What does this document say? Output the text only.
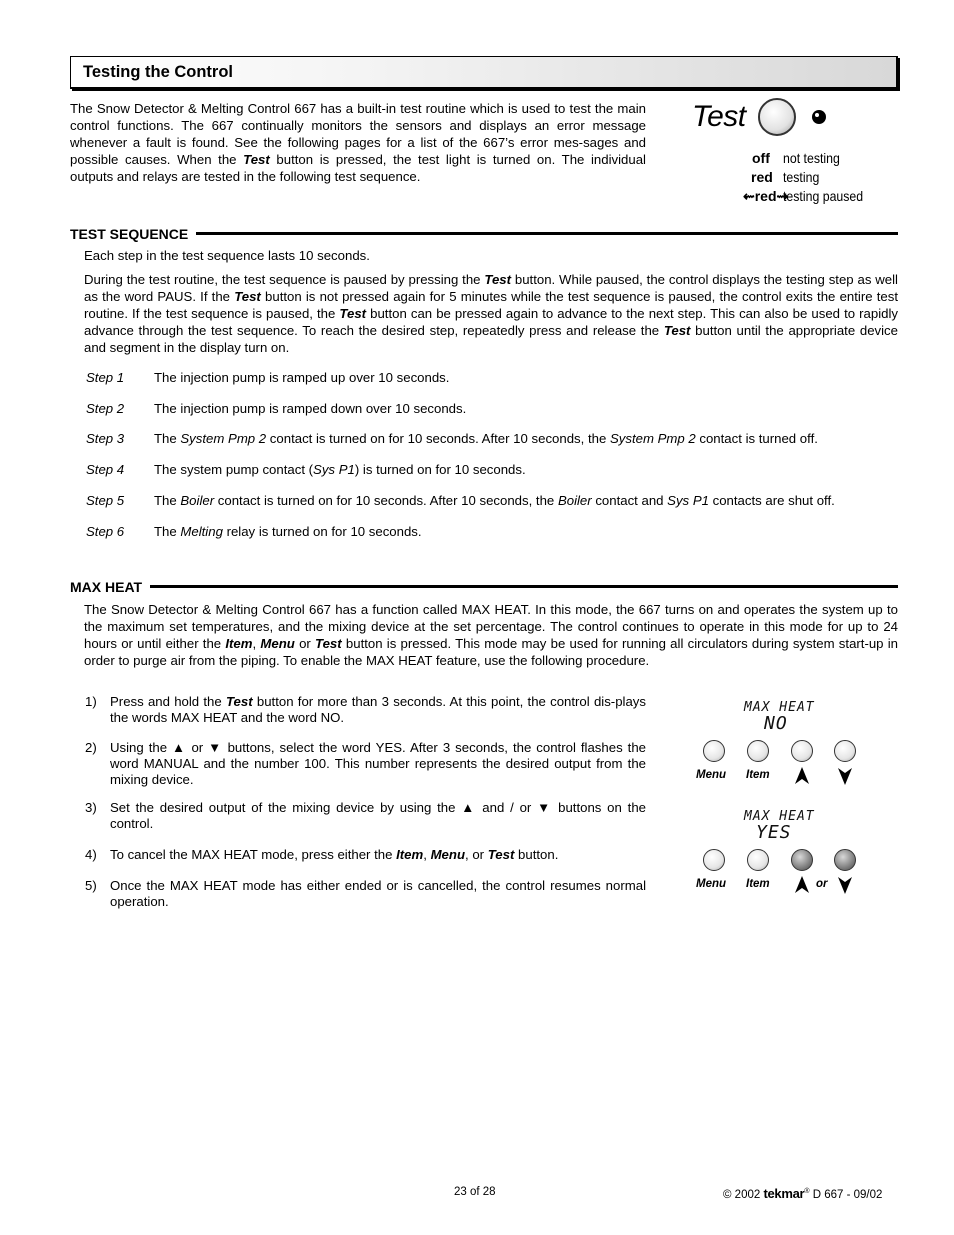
Testing the Control
The Snow Detector & Melting Control 667 has a built-in test routine which is used to test the main control functions. The 667 continually monitors the sensors and displays an error message whenever a fault is found. See the following pages for a list of the 667’s error mes-sages and possible causes. When the Test button is pressed, the test light is turned on. The individual outputs and relays are tested in the following test sequence.
Test
off not testing
red testing
⇜red⇝
testing paused
TEST SEQUENCE
Each step in the test sequence lasts 10 seconds.
During the test routine, the test sequence is paused by pressing the Test button. While paused, the control displays the testing step as well as the word PAUS. If the Test button is not pressed again for 5 minutes while the test sequence is paused, the control exits the entire test routine. If the test sequence is paused, the Test button can be pressed again to advance to the next step. This can also be used to rapidly advance through the test sequence. To reach the desired step, repeatedly press and release the Test button until the appropriate device and segment in the display turn on.
Step 1 The injection pump is ramped up over 10 seconds.
Step 2 The injection pump is ramped down over 10 seconds.
Step 3 The System Pmp 2 contact is turned on for 10 seconds. After 10 seconds, the System Pmp 2 contact is turned off.
Step 4 The system pump contact (Sys P1) is turned on for 10 seconds.
Step 5 The Boiler contact is turned on for 10 seconds. After 10 seconds, the Boiler contact and Sys P1 contacts are shut off.
Step 6 The Melting relay is turned on for 10 seconds.
MAX HEAT
The Snow Detector & Melting Control 667 has a function called MAX HEAT. In this mode, the 667 turns on and operates the system up to the maximum set temperatures, and the mixing device at the set percentage. The control continues to operate in this mode for up to 24 hours or until either the Item, Menu or Test button is pressed. This mode may be used for running all circulators during system start-up in order to purge air from the piping. To enable the MAX HEAT feature, use the following procedure.
1) Press and hold the Test button for more than 3 seconds. At this point, the control dis-plays the words MAX HEAT and the word NO.
2) Using the ▲ or ▼ buttons, select the word YES. After 3 seconds, the control flashes the word MANUAL and the number 100. This number represents the desired output from the mixing device.
3) Set the desired output of the mixing device by using the ▲ and / or ▼ buttons on the control.
4) To cancel the MAX HEAT mode, press either the Item, Menu, or Test button.
5) Once the MAX HEAT mode has either ended or is cancelled, the control resumes normal operation.
MAX HEAT
NO
Menu Item
MAX HEAT
YES
Menu Item	or
23 of 28	© 2002 tekmar® D 667 - 09/02
